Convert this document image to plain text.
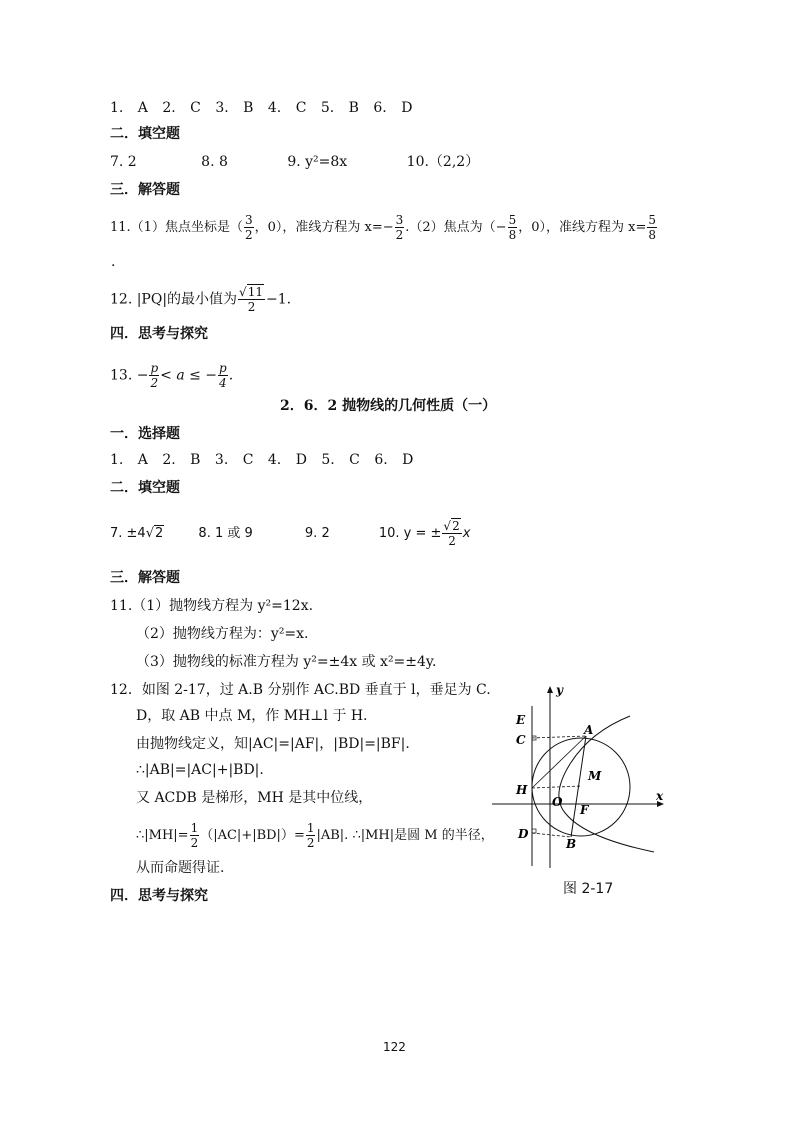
1. A 2. C 3. B 4. C 5. B 6. D
二．填空题
7. 2	8. 8	9. y²=8x	10.（2,2）
三．解答题
11.（1）焦点坐标是（ $\frac{3}{2}$ ，0），准线方程为 $x=- \frac{3}{2} .(2)$焦点为（− $\frac{5}{8}$ ，0），准线方程为 $x= \frac{5}{8}$
.
12. |PQ|的最小值为 $\frac{√11}{2} -1$.
四．思考与探究
13. − $\frac{p}{2} < a$ ≤ − $\frac{p}{4}$ .
2．6．2 抛物线的几何性质（一）
一．选择题
1. A 2. B 3. C 4. D 5. C 6. D
二．填空题
7. ±4√2	8. 1 或 9	9. 2	10. y = ± $\frac{√2}{2}$ x
三．解答题
11.（1）抛物线方程为 y²=12x.
（2）抛物线方程为：y²=x.
（3）抛物线的标准方程为 y²=±4x 或 x²=±4y.
12．如图 2-17，过 A.B 分别作 AC.BD 垂直于 l，垂足为 C.
D，取 AB 中点 M，作 MH⊥l 于 H.
由抛物线定义，知|AC|=|AF|，|BD|=|BF|.
∴|AB|=|AC|+|BD|.
又 ACDB 是梯形，MH 是其中位线，
∴|MH|= $\frac{1}{2} (|AC|+|BD|)= \frac{1}{2} |AB|$. ∴|MH|是圆 M 的半径，
从而命题得证.
四．思考与探究
y
x
E
C
A
M
H
O
F
D
B
图 2-17
122
